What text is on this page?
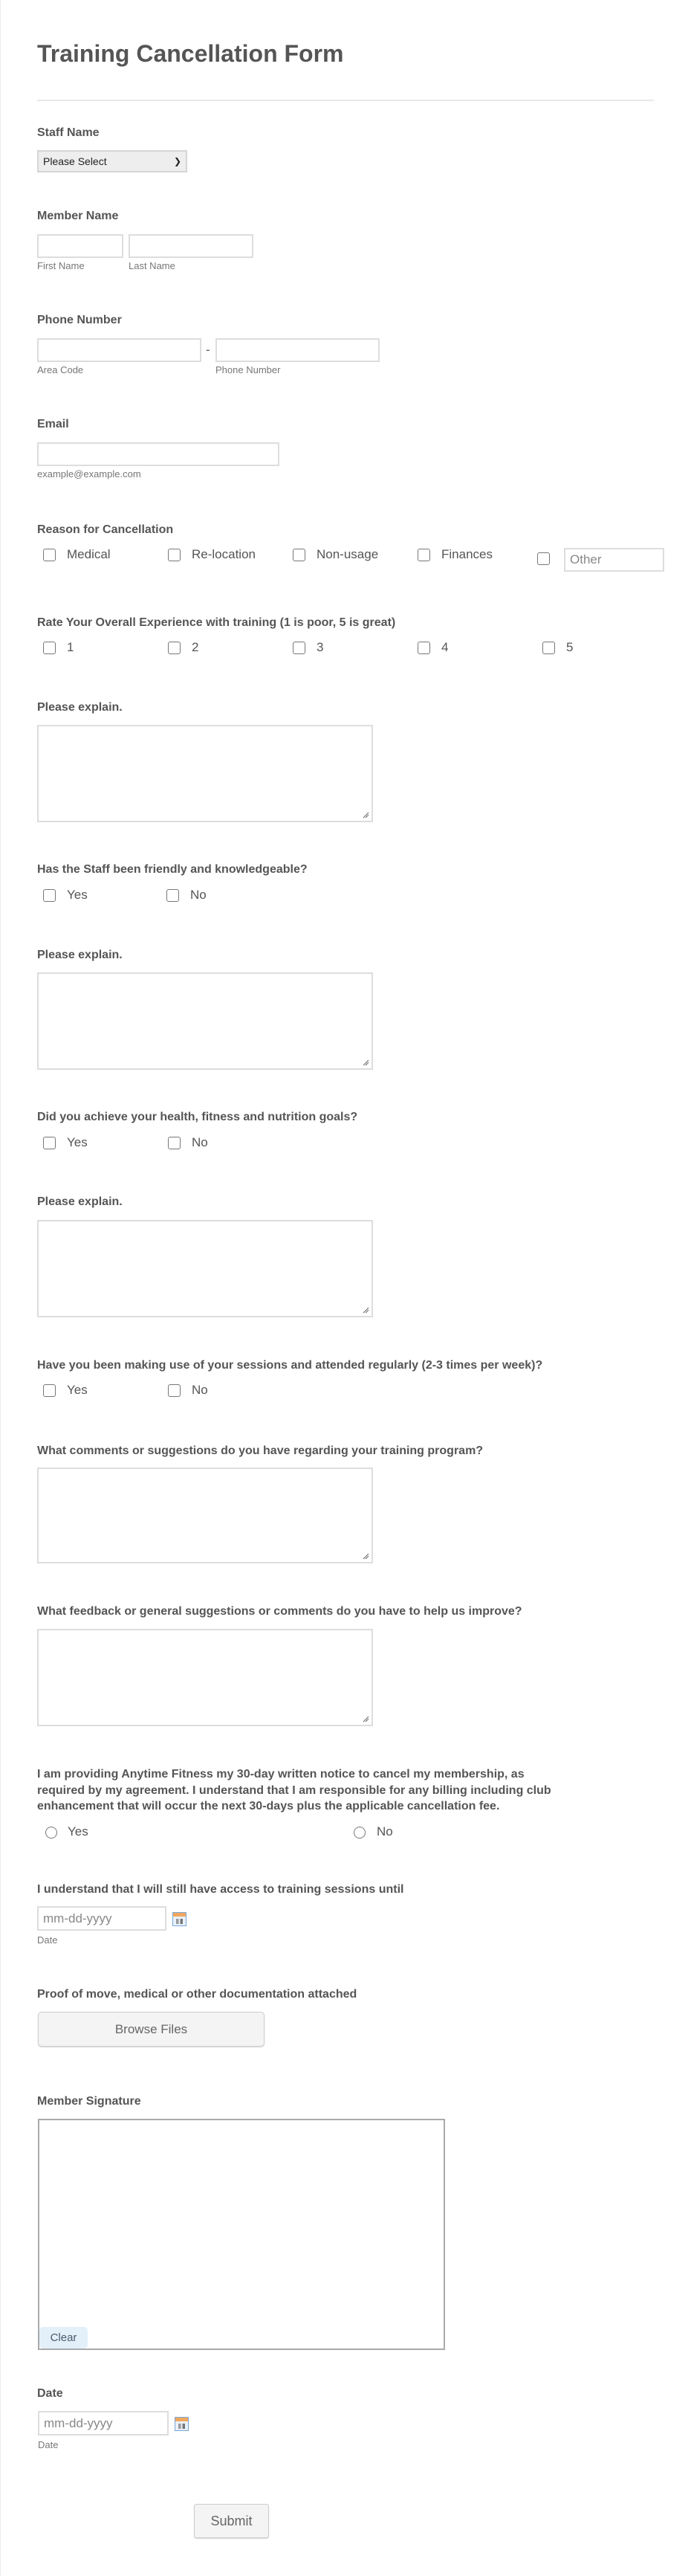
Training Cancellation Form
Staff Name
Please Select	❯
Member Name
First Name	Last Name
Phone Number
-
Area Code	Phone Number
Email
example@example.com
Reason for Cancellation
Medical	Re-location	Non-usage	Finances	Other
Rate Your Overall Experience with training (1 is poor, 5 is great)
1	2	3	4	5
Please explain.
Has the Staff been friendly and knowledgeable?
Yes	No
Please explain.
Did you achieve your health, fitness and nutrition goals?
Yes	No
Please explain.
Have you been making use of your sessions and attended regularly (2-3 times per week)?
Yes	No
What comments or suggestions do you have regarding your training program?
What feedback or general suggestions or comments do you have to help us improve?
I am providing Anytime Fitness my 30-day written notice to cancel my membership, as
required by my agreement. I understand that I am responsible for any billing including club
enhancement that will occur the next 30-days plus the applicable cancellation fee.
Yes	No
I understand that I will still have access to training sessions until
mm-dd-yyyy
Date
Proof of move, medical or other documentation attached
Browse Files
Member Signature
Clear
Date
mm-dd-yyyy
Date
Submit
